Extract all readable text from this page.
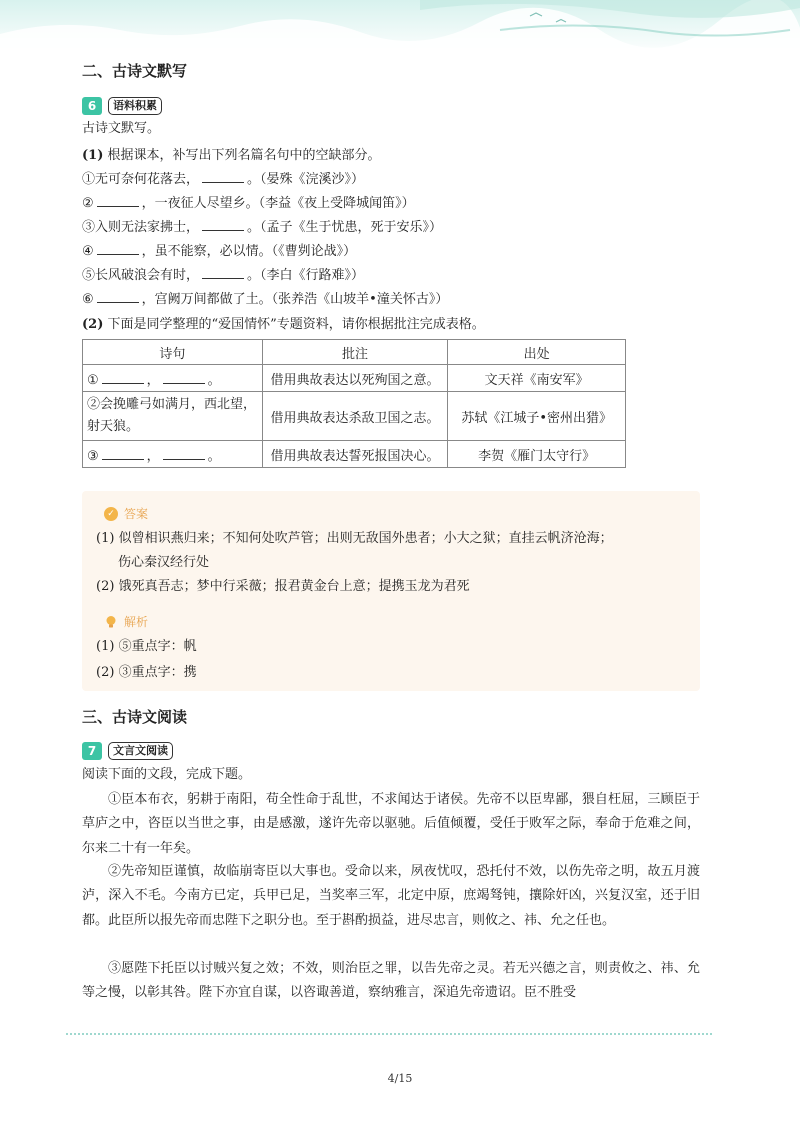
二、古诗文默写
6	语料积累
古诗文默写。
(1) 根据课本，补写出下列名篇名句中的空缺部分。
①无可奈何花落去，	。（晏殊《浣溪沙》）
②	，一夜征人尽望乡。（李益《夜上受降城闻笛》）
③入则无法家拂士，	。（孟子《生于忧患，死于安乐》）
④	，虽不能察，必以情。（《曹刿论战》）
⑤长风破浪会有时，	。（李白《行路难》）
⑥	，宫阙万间都做了土。（张养浩《山坡羊•潼关怀古》）
(2) 下面是同学整理的“爱国情怀”专题资料，请你根据批注完成表格。
诗句	批注	出处
① ， 。	借用典故表达以死殉国之意。	文天祥《南安军》
②会挽雕弓如满月，西北望，射天狼。	借用典故表达杀敌卫国之志。	苏轼《江城子•密州出猎》
③ ， 。	借用典故表达誓死报国决心。	李贺《雁门太守行》
✓ 答案
(1) 似曾相识燕归来；不知何处吹芦管；出则无敌国外患者；小大之狱；直挂云帆济沧海；
伤心秦汉经行处
(2) 饿死真吾志；梦中行采薇；报君黄金台上意；提携玉龙为君死
解析
(1) ⑤重点字：帆
(2) ③重点字：携
三、古诗文阅读
7	文言文阅读
阅读下面的文段，完成下题。
①臣本布衣，躬耕于南阳，苟全性命于乱世，不求闻达于诸侯。先帝不以臣卑鄙，猥自枉屈，三顾臣于草庐之中，咨臣以当世之事，由是感激，遂许先帝以驱驰。后值倾覆，受任于败军之际，奉命于危难之间，尔来二十有一年矣。
②先帝知臣谨慎，故临崩寄臣以大事也。受命以来，夙夜忧叹，恐托付不效，以伤先帝之明，故五月渡泸，深入不毛。今南方已定，兵甲已足，当奖率三军，北定中原，庶竭驽钝，攘除奸凶，兴复汉室，还于旧都。此臣所以报先帝而忠陛下之职分也。至于斟酌损益，进尽忠言，则攸之、祎、允之任也。
③愿陛下托臣以讨贼兴复之效；不效，则治臣之罪，以告先帝之灵。若无兴德之言，则责攸之、祎、允等之慢，以彰其咎。陛下亦宜自谋，以咨诹善道，察纳雅言，深追先帝遗诏。臣不胜受
4/15
